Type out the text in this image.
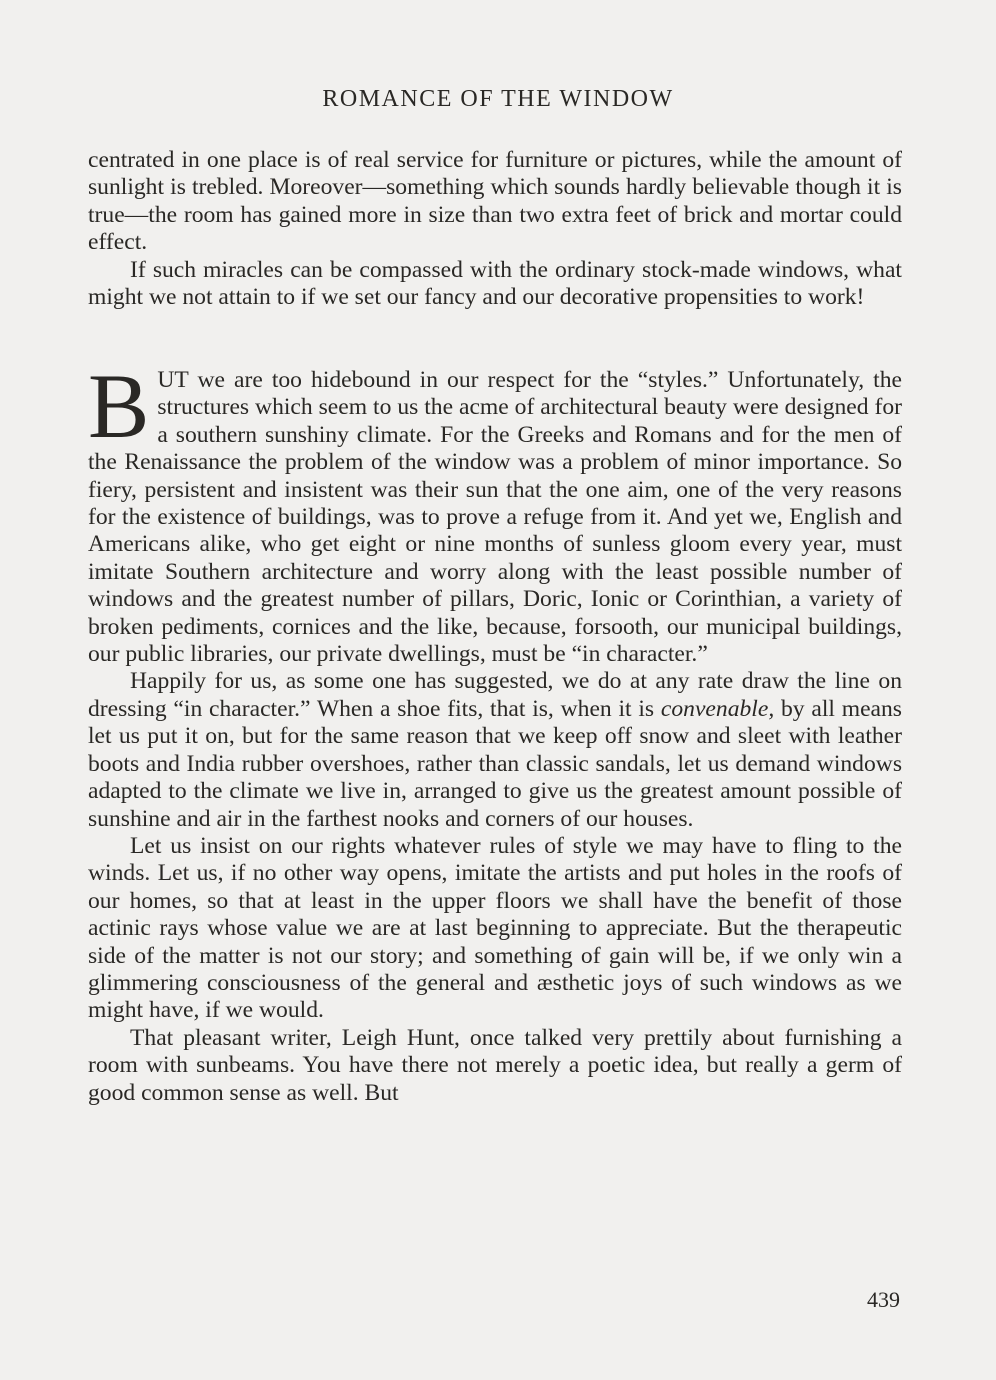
ROMANCE OF THE WINDOW

centrated in one place is of real service for furniture or pictures, while the amount of sunlight is trebled. Moreover—something which sounds hardly believable though it is true—the room has gained more in size than two extra feet of brick and mortar could effect.

If such miracles can be compassed with the ordinary stock-made windows, what might we not attain to if we set our fancy and our decorative propensities to work!

BUT we are too hidebound in our respect for the “styles.” Unfortunately, the structures which seem to us the acme of architectural beauty were designed for a southern sunshiny climate. For the Greeks and Romans and for the men of the Renaissance the problem of the window was a problem of minor importance. So fiery, persistent and insistent was their sun that the one aim, one of the very reasons for the existence of buildings, was to prove a refuge from it. And yet we, English and Americans alike, who get eight or nine months of sunless gloom every year, must imitate Southern architecture and worry along with the least possible number of windows and the greatest number of pillars, Doric, Ionic or Corinthian, a variety of broken pediments, cornices and the like, because, forsooth, our municipal buildings, our public libraries, our private dwellings, must be “in character.”

Happily for us, as some one has suggested, we do at any rate draw the line on dressing “in character.” When a shoe fits, that is, when it is convenable, by all means let us put it on, but for the same reason that we keep off snow and sleet with leather boots and India rubber overshoes, rather than classic sandals, let us demand windows adapted to the climate we live in, arranged to give us the greatest amount possible of sunshine and air in the farthest nooks and corners of our houses.

Let us insist on our rights whatever rules of style we may have to fling to the winds. Let us, if no other way opens, imitate the artists and put holes in the roofs of our homes, so that at least in the upper floors we shall have the benefit of those actinic rays whose value we are at last beginning to appreciate. But the therapeutic side of the matter is not our story; and something of gain will be, if we only win a glimmering consciousness of the general and æsthetic joys of such windows as we might have, if we would.

That pleasant writer, Leigh Hunt, once talked very prettily about furnishing a room with sunbeams. You have there not merely a poetic idea, but really a germ of good common sense as well. But

439
